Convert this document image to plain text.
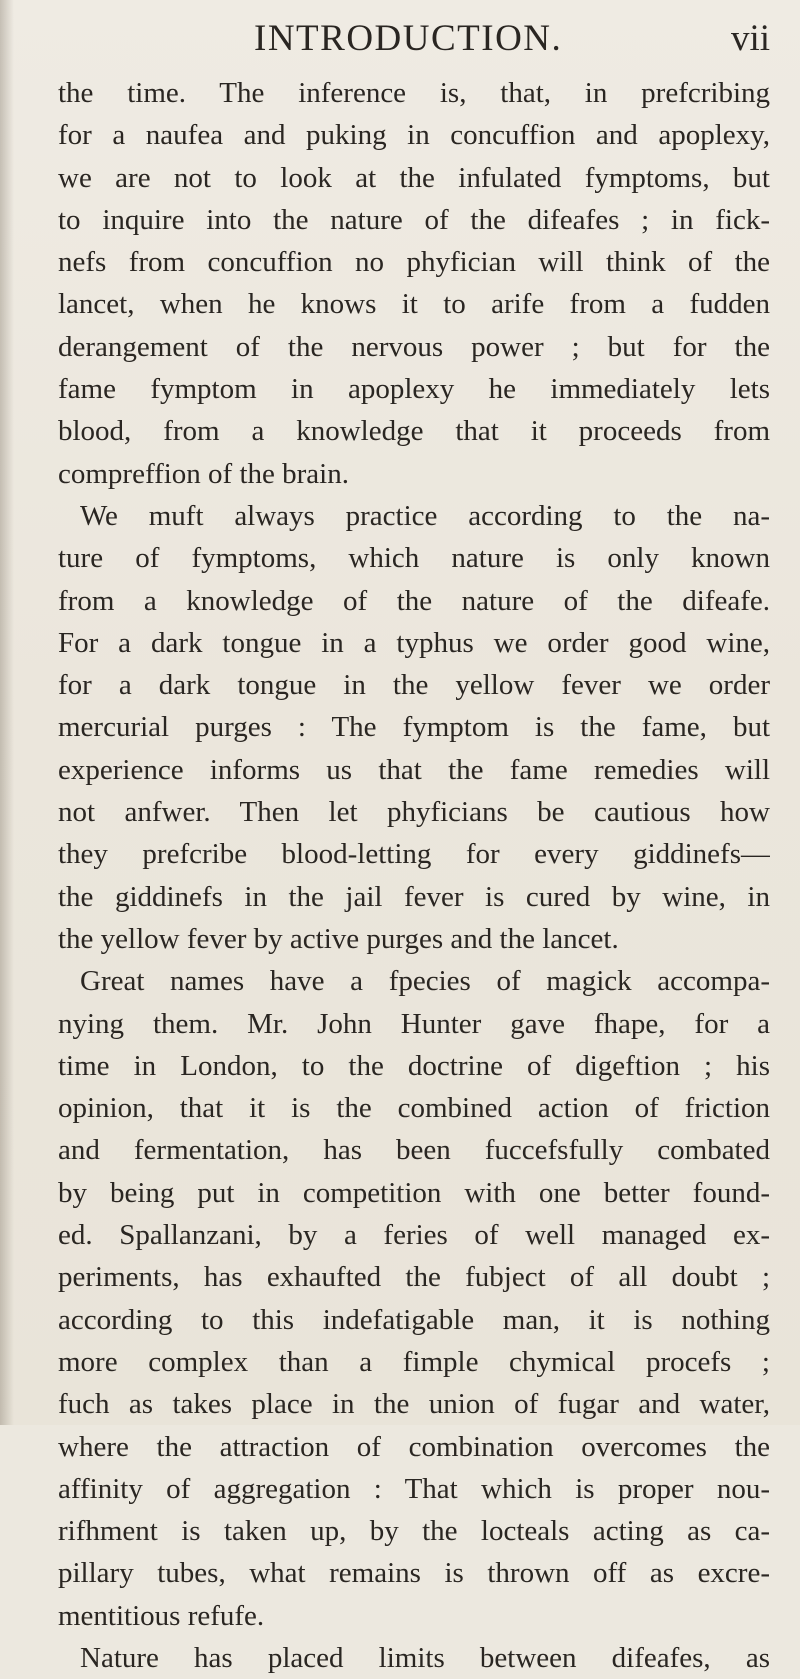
INTRODUCTION.	vii
the time. The inference is, that, in prefcribing
for a naufea and puking in concuffion and apoplexy,
we are not to look at the infulated fymptoms, but
to inquire into the nature of the difeafes ; in fick-
nefs from concuffion no phyfician will think of the
lancet, when he knows it to arife from a fudden
derangement of the nervous power ; but for the
fame fymptom in apoplexy he immediately lets
blood, from a knowledge that it proceeds from
compreffion of the brain.
We muft always practice according to the na-
ture of fymptoms, which nature is only known
from a knowledge of the nature of the difeafe.
For a dark tongue in a typhus we order good wine,
for a dark tongue in the yellow fever we order
mercurial purges : The fymptom is the fame, but
experience informs us that the fame remedies will
not anfwer. Then let phyficians be cautious how
they prefcribe blood-letting for every giddinefs—
the giddinefs in the jail fever is cured by wine, in
the yellow fever by active purges and the lancet.
Great names have a fpecies of magick accompa-
nying them. Mr. John Hunter gave fhape, for a
time in London, to the doctrine of digeftion ; his
opinion, that it is the combined action of friction
and fermentation, has been fuccefsfully combated
by being put in competition with one better found-
ed. Spallanzani, by a feries of well managed ex-
periments, has exhaufted the fubject of all doubt ;
according to this indefatigable man, it is nothing
more complex than a fimple chymical procefs ;
fuch as takes place in the union of fugar and water,
where the attraction of combination overcomes the
affinity of aggregation : That which is proper nou-
rifhment is taken up, by the locteals acting as ca-
pillary tubes, what remains is thrown off as excre-
mentitious refufe.
Nature has placed limits between difeafes, as
